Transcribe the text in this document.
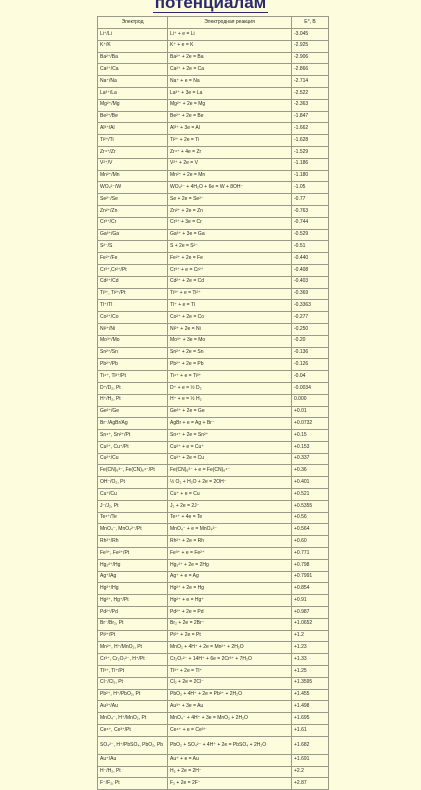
потенциалам
Электрод	Электродная реакция	E°, В
Li⁺/Li	Li⁺ + e = Li	-3.045
K⁺/K	K⁺ + e = K	-2.925
Ba²⁺/Ba	Ba²⁺ + 2e = Ba	-2.906
Ca²⁺/Ca	Ca²⁺ + 2e = Ca	-2.866
Na⁺/Na	Na⁺ + e = Na	-2.714
La³⁺/La	La³⁺ + 3e = La	-2.522
Mg²⁺/Mg	Mg²⁺ + 2e = Mg	-2.363
Be²⁺/Be	Be²⁺ + 2e = Be	-1.847
Al³⁺/Al	Al³⁺ + 3e = Al	-1.662
Ti²⁺/Ti	Ti²⁺ + 2e = Ti	-1.628
Zr⁴⁺/Zr	Zr⁴⁺ + 4e = Zr	-1.529
V²⁺/V	V²⁺ + 2e = V	-1.186
Mn²⁺/Mn	Mn²⁺ + 2e = Mn	-1.180
WO₄²⁻/W	WO₄²⁻ + 4H₂O + 6e = W + 8OH⁻	-1.05
Se²⁻/Se	Se + 2e = Se²⁻	-0.77
Zn²⁺/Zn	Zn²⁺ + 2e = Zn	-0.763
Cr³⁺/Cr	Cr³⁺ + 3e = Cr	-0.744
Ga³⁺/Ga	Ga³⁺ + 3e = Ga	-0.529
S²⁻/S	S + 2e = S²⁻	-0.51
Fe²⁺/Fe	Fe²⁺ + 2e = Fe	-0.440
Cr³⁺,Cr²⁺/Pt	Cr³⁺ + e = Cr²⁺	-0.408
Cd²⁺/Cd	Cd²⁺ + 2e = Cd	-0.403
Ti³⁺, Ti²⁺/Pt	Ti³⁺ + e = Ti²⁺	-0.369
Tl⁺/Tl	Tl⁺ + e = Tl	-0.3363
Co²⁺/Co	Co²⁺ + 2e = Co	-0.277
Ni²⁺/Ni	Ni²⁺ + 2e = Ni	-0.250
Mo³⁺/Mo	Mo³⁺ + 3e = Mo	-0.20
Sn²⁺/Sn	Sn²⁺ + 2e = Sn	-0.136
Pb²⁺/Pb	Pb²⁺ + 2e = Pb	-0.126
Ti⁴⁺, Ti³⁺/Pt	Ti⁴⁺ + e = Ti³⁺	-0.04
D⁺/D₂, Pt	D⁺ + e = ½ D₂	-0.0034
H⁺/H₂, Pt	H⁺ + e = ½ H₂	0.000
Ge²⁺/Ge	Ge²⁺ + 2e = Ge	+0.01
Br⁻/AgBr/Ag	AgBr + e = Ag + Br⁻	+0.0732
Sn⁴⁺, Sn²⁺/Pt	Sn⁴⁺ + 2e = Sn²⁺	+0.15
Cu²⁺, Cu⁺/Pt	Cu²⁺ + e = Cu⁺	+0.153
Cu²⁺/Cu	Cu²⁺ + 2e = Cu	+0.337
Fe(CN)₆³⁻, Fe(CN)₆⁴⁻/Pt	Fe(CN)₆³⁻ + e = Fe(CN)₆⁴⁻	+0.36
OH⁻/O₂, Pt	½ O₂ + H₂O + 2e = 2OH⁻	+0.401
Cu⁺/Cu	Cu⁺ + e = Cu	+0.521
J⁻/J₂, Pt	J₂ + 2e = 2J⁻	+0.5355
Te⁴⁺/Te	Te⁴⁺ + 4e = Te	+0.56
MnO₄⁻, MnO₄²⁻/Pt	MnO₄⁻ + e = MnO₄²⁻	+0.564
Rh²⁺/Rh	Rh²⁺ + 2e = Rh	+0.60
Fe³⁺, Fe²⁺/Pt	Fe³⁺ + e = Fe²⁺	+0.771
Hg₂²⁺/Hg	Hg₂²⁺ + 2e = 2Hg	+0.798
Ag⁺/Ag	Ag⁺ + e = Ag	+0.7991
Hg²⁺/Hg	Hg²⁺ + 2e = Hg	+0.854
Hg²⁺, Hg⁺/Pt	Hg²⁺ + e = Hg⁺	+0.91
Pd²⁺/Pd	Pd²⁺ + 2e = Pd	+0.987
Br⁻/Br₂, Pt	Br₂ + 2e = 2Br⁻	+1.0652
Pt²⁺/Pt	Pt²⁺ + 2e = Pt	+1.2
Mn²⁺, H⁺/MnO₂, Pt	MnO₂ + 4H⁺ + 2e = Mn²⁺ + 2H₂O	+1.23
Cr³⁺, Cr₂O₇²⁻, H⁺/Pt	Cr₂O₇²⁻ + 14H⁺ + 6e = 2Cr³⁺ + 7H₂O	+1.33
Tl³⁺, Tl⁺/Pt	Tl³⁺ + 2e = Tl⁺	+1.25
Cl⁻/Cl₂, Pt	Cl₂ + 2e = 2Cl⁻	+1.3595
Pb²⁺, H⁺/PbO₂, Pt	PbO₂ + 4H⁺ + 2e = Pb²⁺ + 2H₂O	+1.455
Au³⁺/Au	Au³⁺ + 3e = Au	+1.498
MnO₄⁻, H⁺/MnO₂, Pt	MnO₄⁻ + 4H⁺ + 3e = MnO₂ + 2H₂O	+1.695
Ce⁴⁺, Ce³⁺/Pt	Ce⁴⁺ + e = Ce³⁺	+1.61
SO₄²⁻, H⁺/PbSO₄, PbO₂, Pb	PbO₂ + SO₄²⁻ + 4H⁺ + 2e = PbSO₄ + 2H₂O	+1.682
Au⁺/Au	Au⁺ + e = Au	+1.691
H⁻/H₂, Pt	H₂ + 2e = 2H⁻	+2.2
F⁻/F₂, Pt	F₂ + 2e = 2F⁻	+2.87
